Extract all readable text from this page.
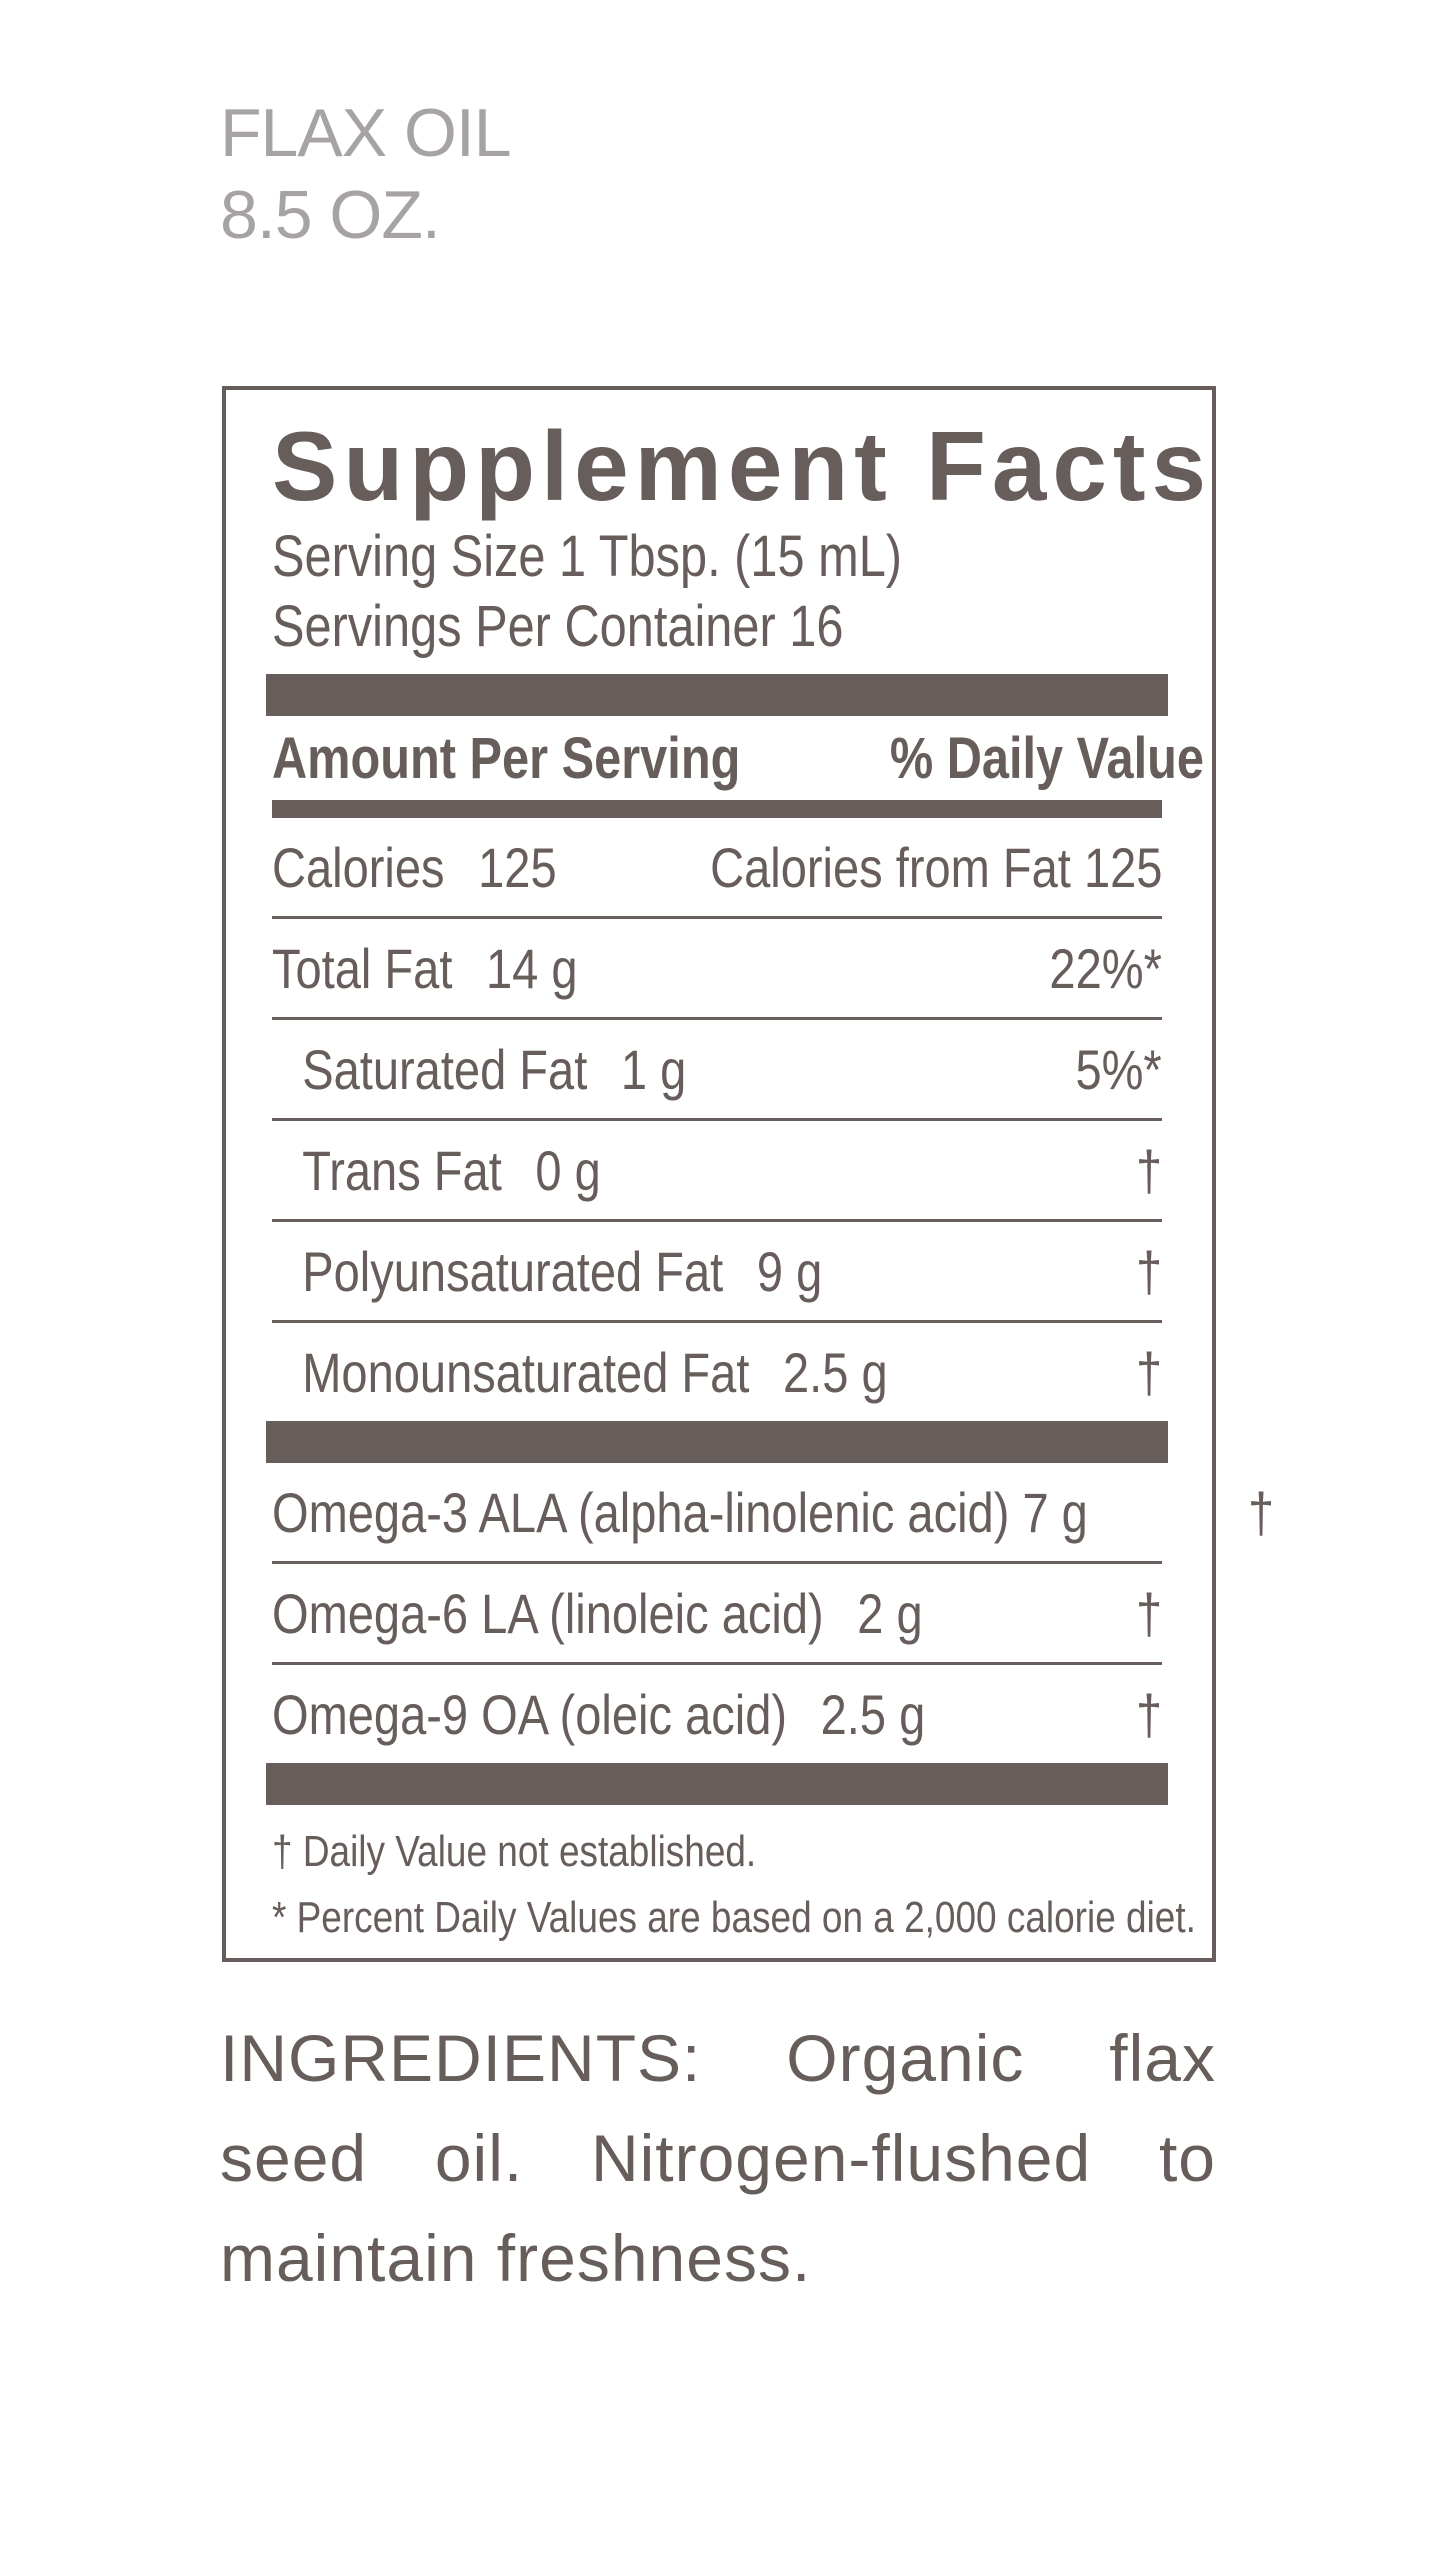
FLAX OIL
8.5 OZ.
Supplement Facts
Serving Size 1 Tbsp. (15 mL)
Servings Per Container 16
Amount Per Serving	% Daily Value
Calories 125	Calories from Fat 125
Total Fat 14 g	22%*
Saturated Fat 1 g	5%*
Trans Fat 0 g	†
Polyunsaturated Fat 9 g	†
Monounsaturated Fat 2.5 g	†
Omega-3 ALA (alpha-linolenic acid) 7 g	†
Omega-6 LA (linoleic acid) 2 g	†
Omega-9 OA (oleic acid) 2.5 g	†
† Daily Value not established.
* Percent Daily Values are based on a 2,000 calorie diet.
INGREDIENTS: Organic flax seed oil. Nitrogen-flushed to maintain freshness.
